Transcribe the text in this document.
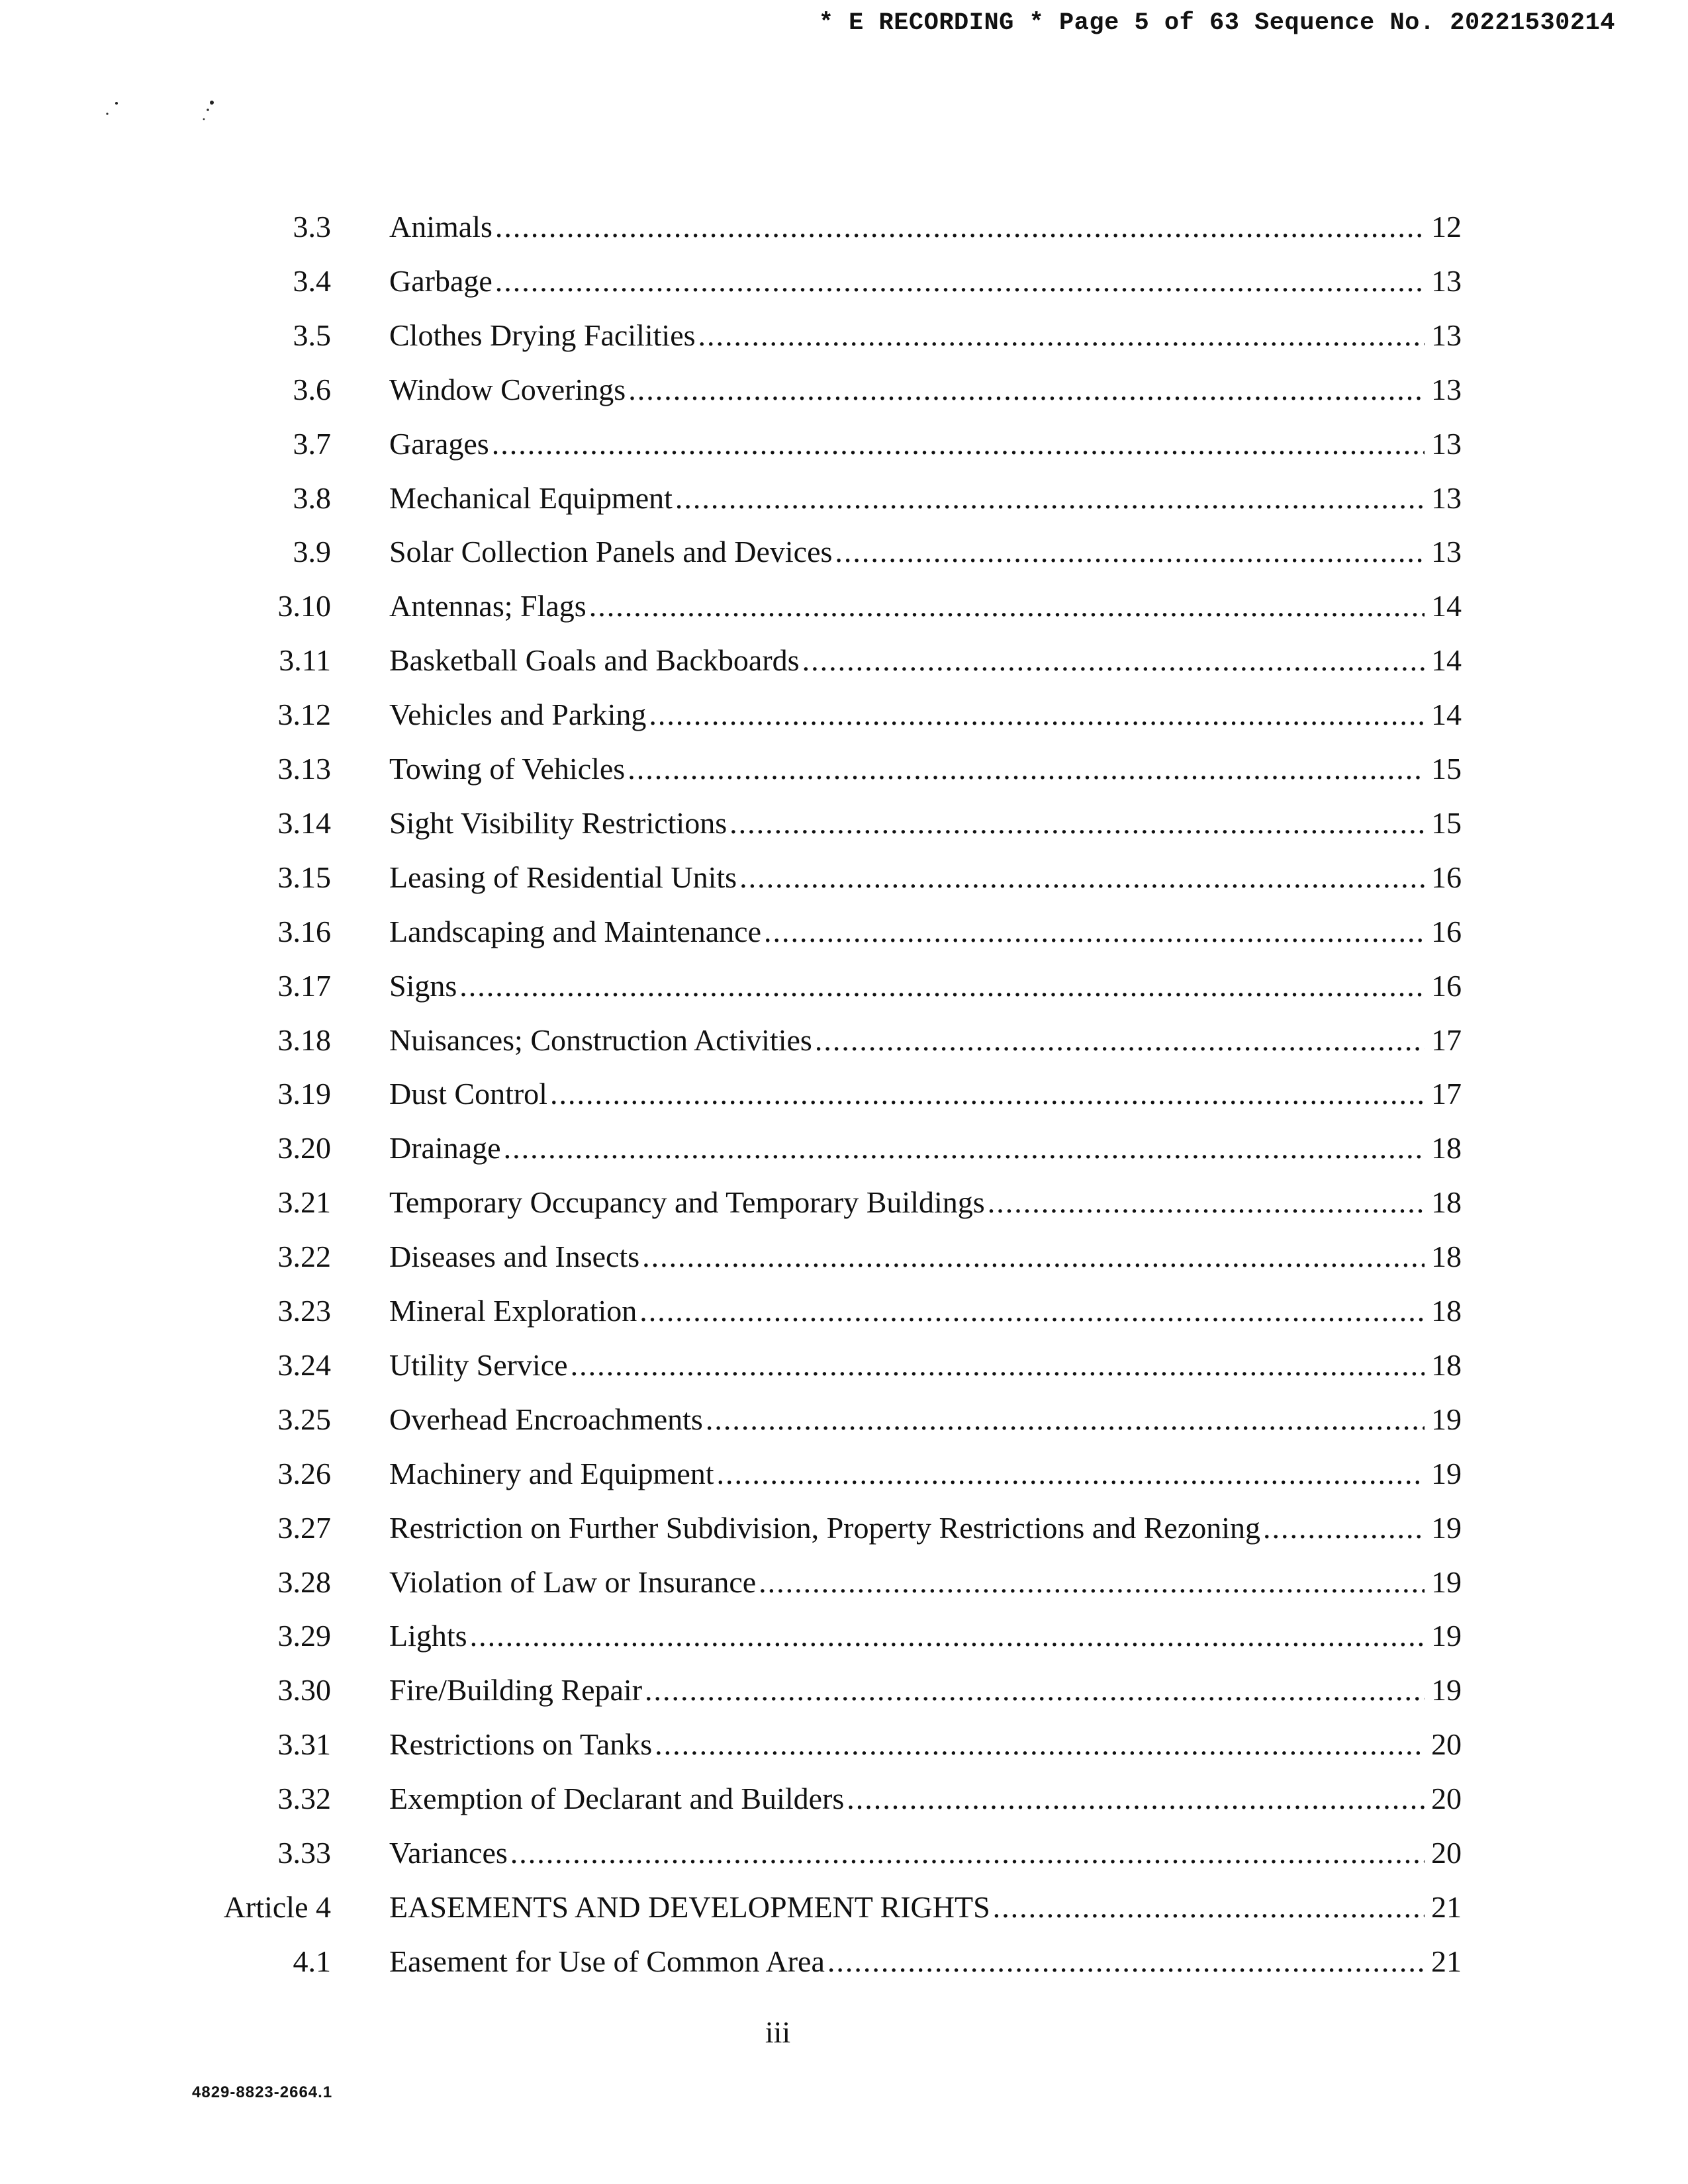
* E RECORDING * Page 5 of 63 Sequence No. 20221530214
3.3 Animals .....	12
3.4 Garbage .....	13
3.5 Clothes Drying Facilities .....	13
3.6 Window Coverings .....	13
3.7 Garages .....	13
3.8 Mechanical Equipment .....	13
3.9 Solar Collection Panels and Devices .....	13
3.10 Antennas; Flags .....	14
3.11 Basketball Goals and Backboards .....	14
3.12 Vehicles and Parking .....	14
3.13 Towing of Vehicles .....	15
3.14 Sight Visibility Restrictions .....	15
3.15 Leasing of Residential Units .....	16
3.16 Landscaping and Maintenance .....	16
3.17 Signs .....	16
3.18 Nuisances; Construction Activities .....	17
3.19 Dust Control .....	17
3.20 Drainage .....	18
3.21 Temporary Occupancy and Temporary Buildings .....	18
3.22 Diseases and Insects .....	18
3.23 Mineral Exploration .....	18
3.24 Utility Service .....	18
3.25 Overhead Encroachments .....	19
3.26 Machinery and Equipment .....	19
3.27 Restriction on Further Subdivision, Property Restrictions and Rezoning .....	19
3.28 Violation of Law or Insurance .....	19
3.29 Lights .....	19
3.30 Fire/Building Repair .....	19
3.31 Restrictions on Tanks .....	20
3.32 Exemption of Declarant and Builders .....	20
3.33 Variances .....	20
Article 4 EASEMENTS AND DEVELOPMENT RIGHTS .....	21
4.1 Easement for Use of Common Area .....	21
iii
4829-8823-2664.1
